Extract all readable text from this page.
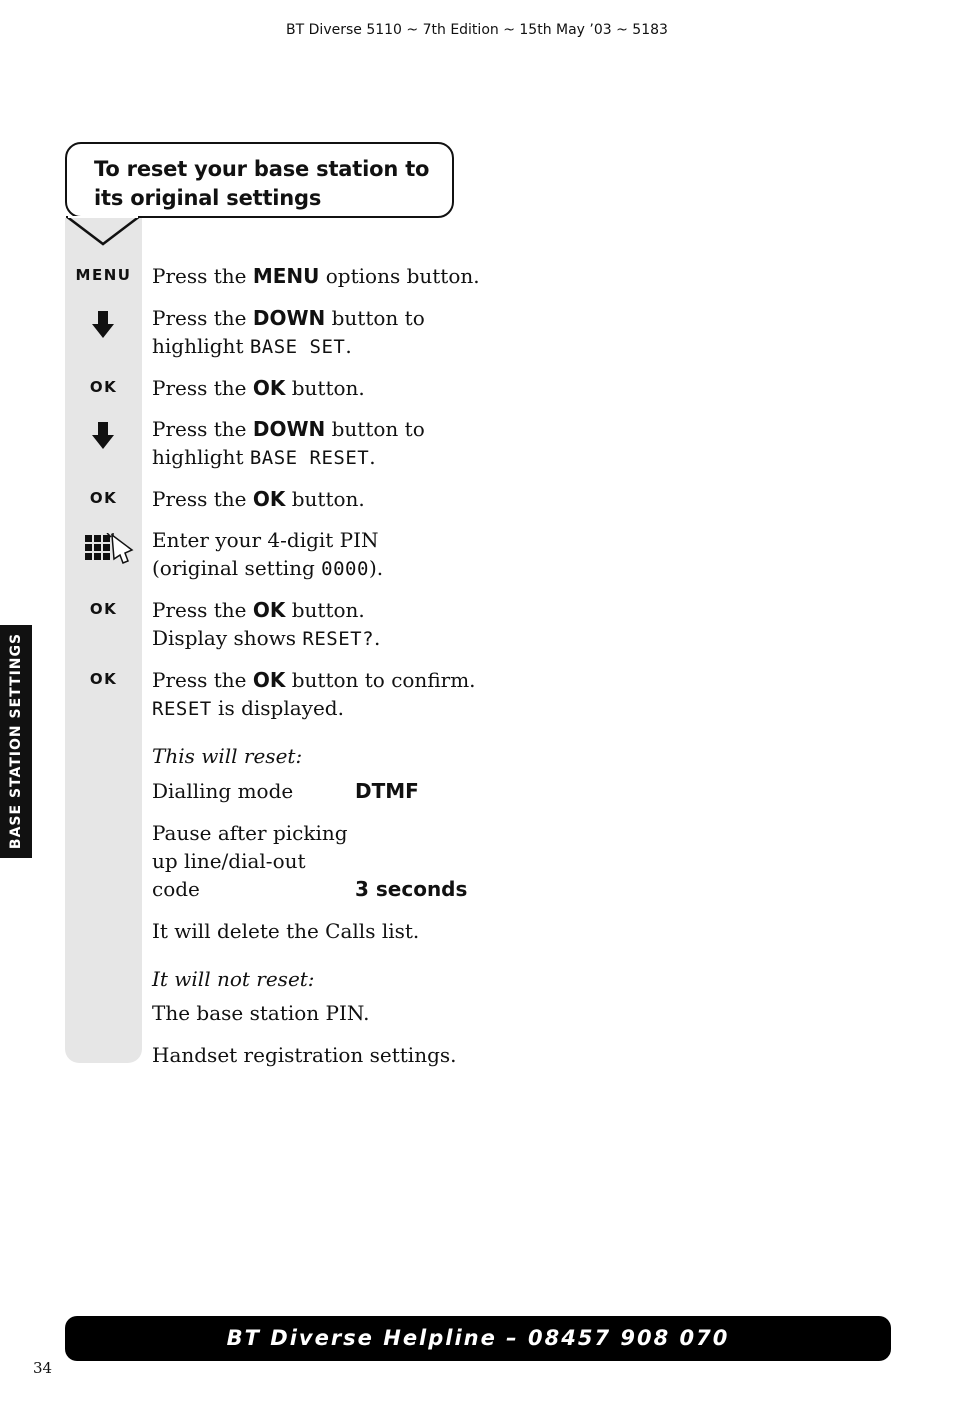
BT Diverse 5110 ~ 7th Edition ~ 15th May ’03 ~ 5183
To reset your base station to
its original settings
MENU
OK
OK
OK
OK
Press the MENU options button.
Press the DOWN button to
highlight BASE SET.
Press the OK button.
Press the DOWN button to
highlight BASE RESET.
Press the OK button.
Enter your 4-digit PIN
(original setting 0000).
Press the OK button.
Display shows RESET?.
Press the OK button to confirm.
RESET is displayed.
This will reset:
Dialling mode	DTMF
Pause after picking
up line/dial-out
code	3 seconds
It will delete the Calls list.
It will not reset:
The base station PIN.
Handset registration settings.
BASE STATION SETTINGS
BT Diverse Helpline – 08457 908 070
34
